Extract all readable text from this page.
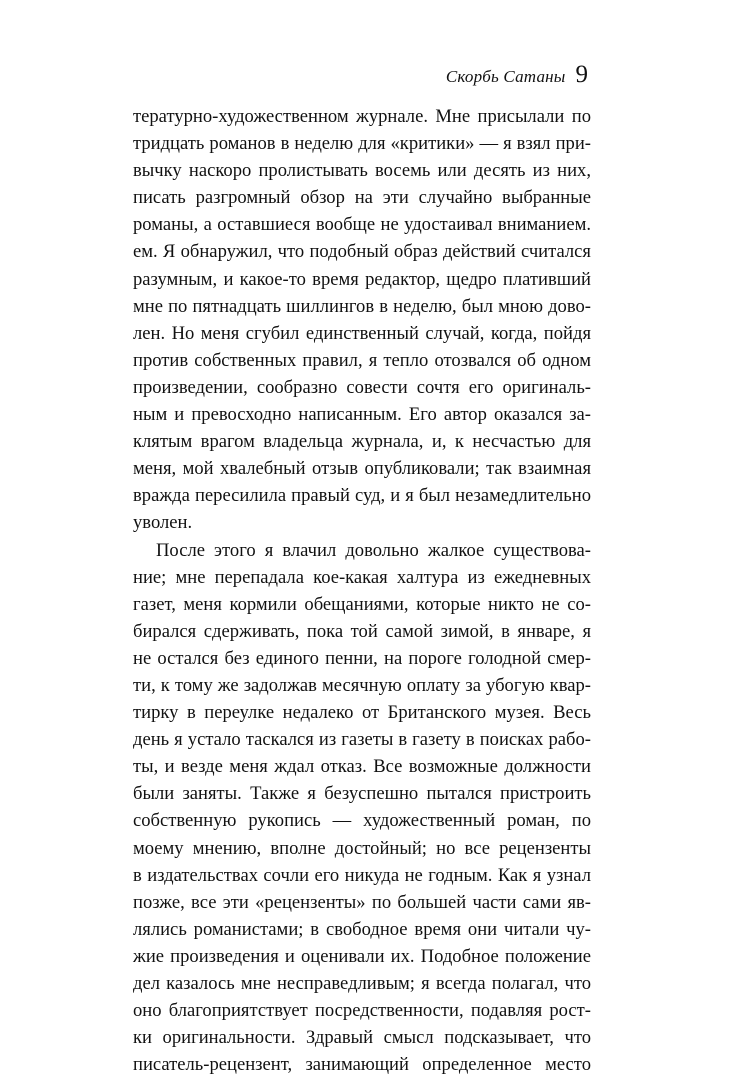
Скорбь Сатаны 9
тературно-художественном журнале. Мне присылали по
тридцать романов в неделю для «критики» — я взял при-
вычку наскоро пролистывать восемь или десять из них,
писать разгромный обзор на эти случайно выбранные
романы, а оставшиеся вообще не удостаивал вниманием.
ем. Я обнаружил, что подобный образ действий считался
разумным, и какое-то время редактор, щедро плативший
мне по пятнадцать шиллингов в неделю, был мною дово-
лен. Но меня сгубил единственный случай, когда, пойдя
против собственных правил, я тепло отозвался об одном
произведении, сообразно совести сочтя его оригиналь-
ным и превосходно написанным. Его автор оказался за-
клятым врагом владельца журнала, и, к несчастью для
меня, мой хвалебный отзыв опубликовали; так взаимная
вражда пересилила правый суд, и я был незамедлительно
уволен.
После этого я влачил довольно жалкое существова-
ние; мне перепадала кое-какая халтура из ежедневных
газет, меня кормили обещаниями, которые никто не со-
бирался сдерживать, пока той самой зимой, в январе, я
не остался без единого пенни, на пороге голодной смер-
ти, к тому же задолжав месячную оплату за убогую квар-
тирку в переулке недалеко от Британского музея. Весь
день я устало таскался из газеты в газету в поисках рабо-
ты, и везде меня ждал отказ. Все возможные должности
были заняты. Также я безуспешно пытался пристроить
собственную рукопись — художественный роман, по
моему мнению, вполне достойный; но все рецензенты
в издательствах сочли его никуда не годным. Как я узнал
позже, все эти «рецензенты» по большей части сами яв-
лялись романистами; в свободное время они читали чу-
жие произведения и оценивали их. Подобное положение
дел казалось мне несправедливым; я всегда полагал, что
оно благоприятствует посредственности, подавляя рост-
ки оригинальности. Здравый смысл подсказывает, что
писатель-рецензент, занимающий определенное место
